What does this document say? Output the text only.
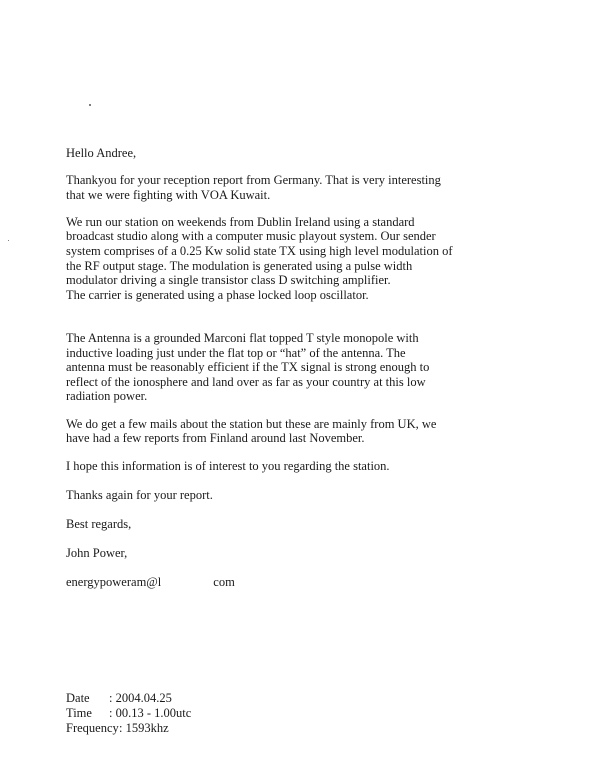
Hello Andree,
Thankyou for your reception report from Germany. That is very interesting
that we were fighting with VOA Kuwait.
We run our station on weekends from Dublin Ireland using a standard
broadcast studio along with a computer music playout system. Our sender
system comprises of a 0.25 Kw solid state TX using high level modulation of
the RF output stage. The modulation is generated using a pulse width
modulator driving a single transistor class D switching amplifier.
The carrier is generated using a phase locked loop oscillator.
The Antenna is a grounded Marconi flat topped T style monopole with
inductive loading just under the flat top or “hat” of the antenna. The
antenna must be reasonably efficient if the TX signal is strong enough to
reflect of the ionosphere and land over as far as your country at this low
radiation power.
We do get a few mails about the station but these are mainly from UK, we
have had a few reports from Finland around last November.
I hope this information is of interest to you regarding the station.
Thanks again for your report.
Best regards,
John Power,
energypoweram@l	com
Date : 2004.04.25
Time : 00.13 - 1.00utc
Frequency : 1593khz
